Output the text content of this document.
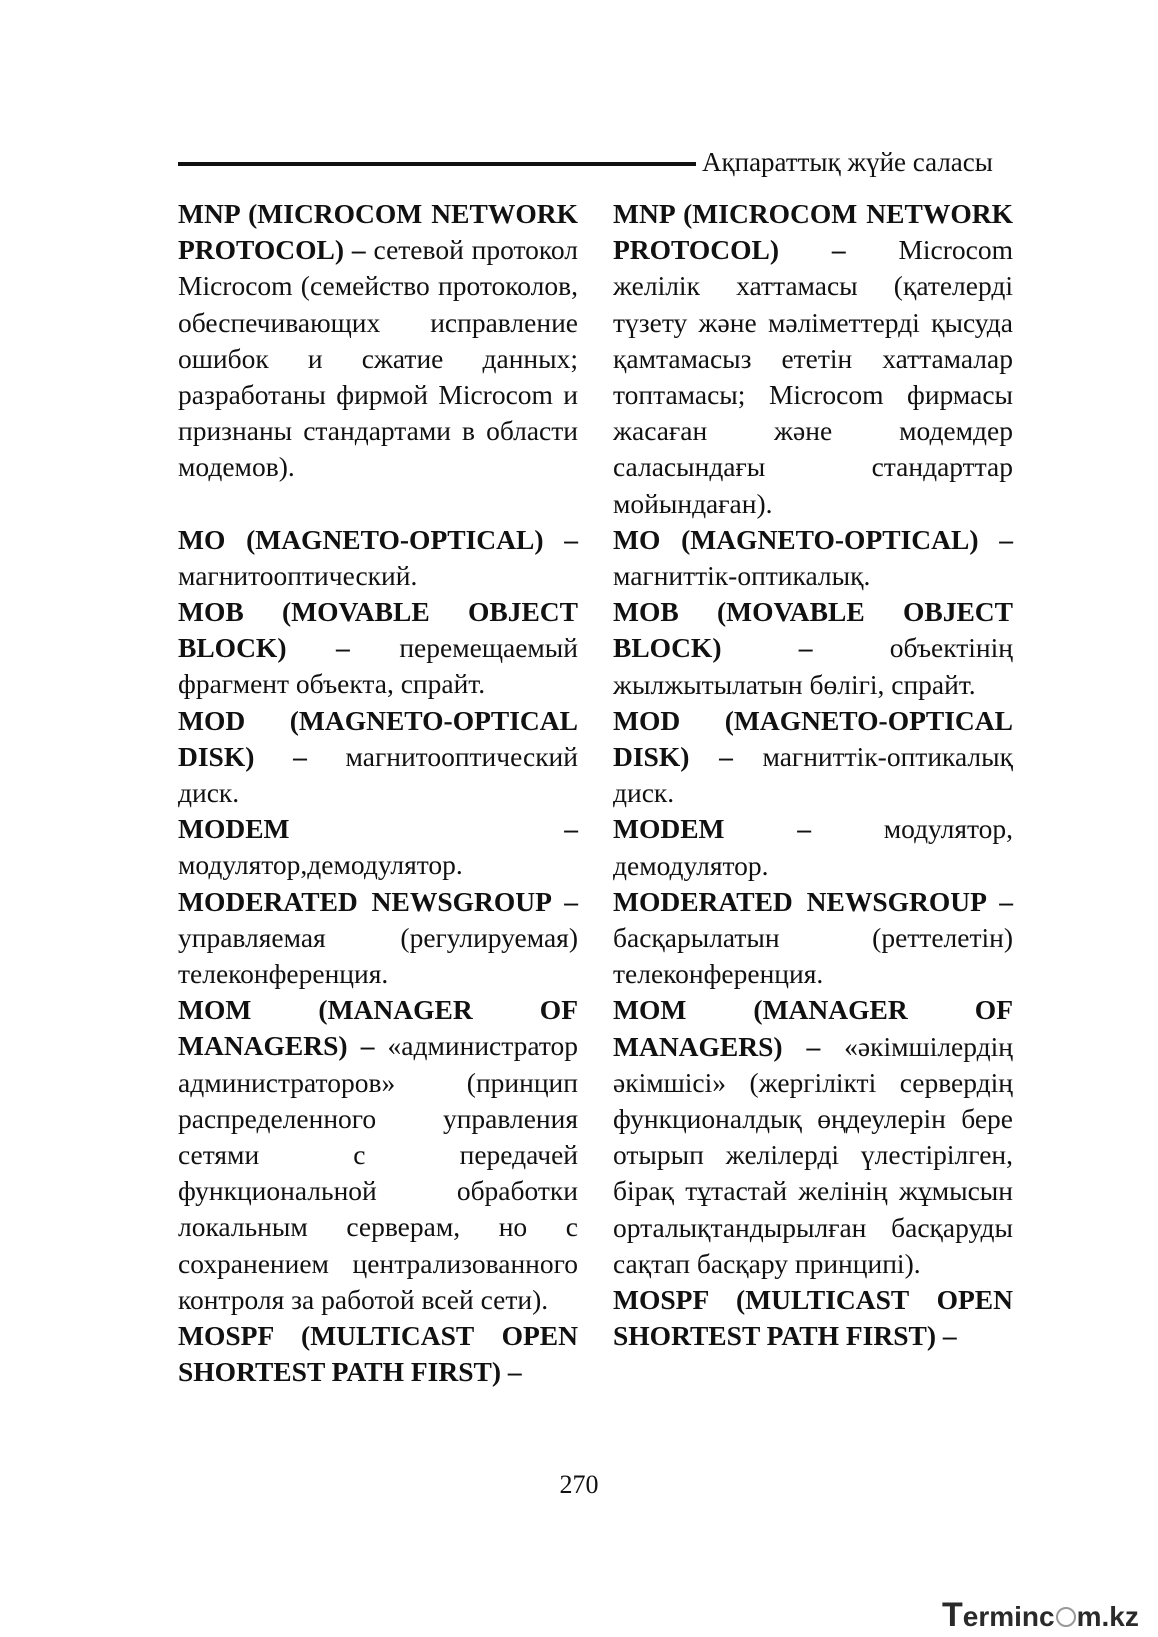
Ақпараттық жүйе саласы

MNP (MICROCOM NETWORK PROTOCOL) – сетевой протокол Microcom (семейство протоколов, обеспечивающих исправление ошибок и сжатие данных; разработаны фирмой Microcom и признаны стандартами в области модемов).

MO (MAGNETO-OPTICAL) – магнитооптический.

MOB (MOVABLE OBJECT BLOCK) – перемещаемый фрагмент объекта, спрайт.

MOD (MAGNETO-OPTICAL DISK) – магнитооптический диск.

MODEM – модулятор,демодулятор.

MODERATED NEWSGROUP – управляемая (регулируемая) телеконференция.

MOM (MANAGER OF MANAGERS) – «администратор администраторов» (принцип распределенного управления сетями с передачей функциональной обработки локальным серверам, но с сохранением централизованного контроля за работой всей сети).

MOSPF (MULTICAST OPEN SHORTEST PATH FIRST) –

MNP (MICROCOM NETWORK PROTOCOL) – Microcom желілік хаттамасы (қателерді түзету және мәліметтерді қысуда қамтамасыз ететін хаттамалар топтамасы; Microcom фирмасы жасаған және модемдер саласындағы стандарттар мойындаған).

MO (MAGNETO-OPTICAL) – магниттік-оптикалық.

MOB (MOVABLE OBJECT BLOCK) – объектінің жылжытылатын бөлігі, спрайт.

MOD (MAGNETO-OPTICAL DISK) – магниттік-оптикалық диск.

MODEM – модулятор, демодулятор.

MODERATED NEWSGROUP – басқарылатын (реттелетін) телеконференция.

MOM (MANAGER OF MANAGERS) – «әкімшілердің әкімшісі» (жергілікті сервердің функционалдық өңдеулерін бере отырып желілерді үлестірілген, бірақ тұтастай желінің жұмысын орталықтандырылған басқаруды сақтап басқару принципі).

MOSPF (MULTICAST OPEN SHORTEST PATH FIRST) –

270
Terminc m.kz
